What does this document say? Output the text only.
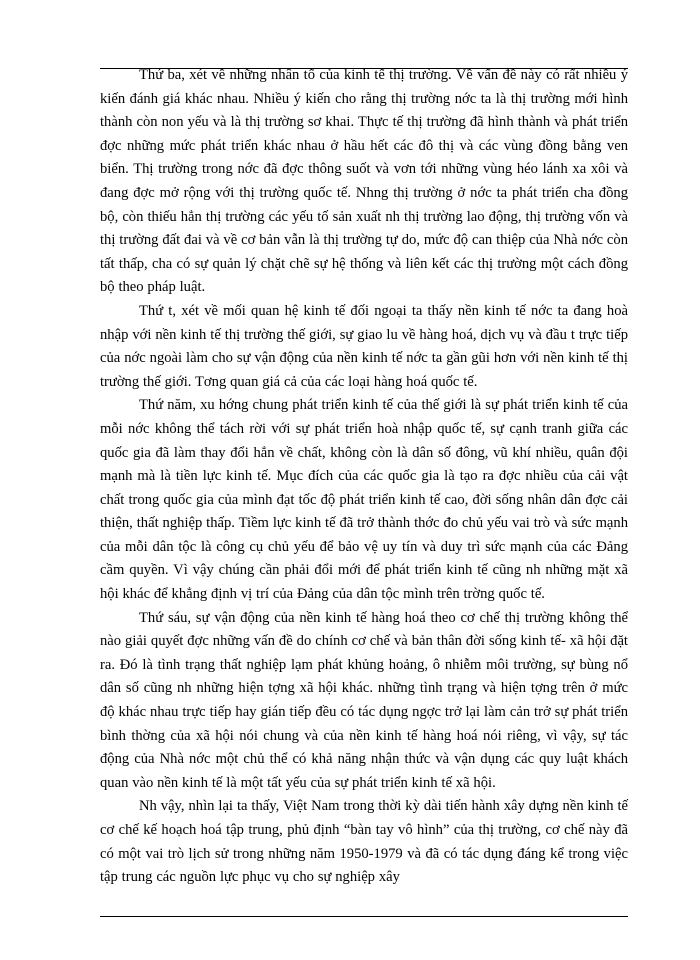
Thứ ba, xét về những nhân tố của kinh tế thị trường. Về vấn đề này có rất nhiều ý kiến đánh giá khác nhau. Nhiều ý kiến cho rằng thị trường nớc ta là thị trường mới hình thành còn non yếu và là thị trường sơ khai. Thực tế thị trường đã hình thành và phát triển đợc những mức phát triển khác nhau ở hầu hết các đô thị và các vùng đồng bằng ven biển. Thị trường trong nớc đã đợc thông suốt và vơn tới những vùng héo lánh xa xôi và đang đợc mở rộng với thị trường quốc tế. Nhng thị trường ở nớc ta phát triển cha đồng bộ, còn thiếu hẳn thị trường các yếu tố sản xuất nh thị trường lao động, thị trường vốn và thị trường đất đai và về cơ bản vẫn là thị trường tự do, mức độ can thiệp của Nhà nớc còn tất thấp, cha có sự quản lý chặt chẽ sự hệ thống và liên kết các thị trường một cách đồng bộ theo pháp luật.

Thứ t, xét về mối quan hệ kinh tế đối ngoại ta thấy nền kinh tế nớc ta đang hoà nhập với nền kinh tế thị trường thế giới, sự giao lu về hàng hoá, dịch vụ và đầu t trực tiếp của nớc ngoài làm cho sự vận động của nền kinh tế nớc ta gần gũi hơn với nền kinh tế thị trường thế giới. Tơng quan giá cả của các loại hàng hoá quốc tế.

Thứ năm, xu hớng chung phát triển kinh tế của thế giới là sự phát triển kinh tế của mỗi nớc không thể tách rời với sự phát triển hoà nhập quốc tế, sự cạnh tranh giữa các quốc gia đã làm thay đổi hẳn về chất, không còn là dân số đông, vũ khí nhiều, quân đội mạnh mà là tiền lực kinh tế. Mục đích của các quốc gia là tạo ra đợc nhiều của cải vật chất trong quốc gia của mình đạt tốc độ phát triển kinh tế cao, đời sống nhân dân đợc cải thiện, thất nghiệp thấp. Tiềm lực kinh tế đã trở thành thớc đo chủ yếu vai trò và sức mạnh của mỗi dân tộc là công cụ chủ yếu để bảo vệ uy tín và duy trì sức mạnh của các Đảng cầm quyền. Vì vậy chúng cần phải đổi mới để phát triển kinh tế cũng nh những mặt xã hội khác để khẳng định vị trí của Đảng của dân tộc mình trên trờng quốc tế.

Thứ sáu, sự vận động của nền kinh tế hàng hoá theo cơ chế thị trường không thể nào giải quyết đợc những vấn đề do chính cơ chế và bản thân đời sống kinh tế- xã hội đặt ra. Đó là tình trạng thất nghiệp lạm phát khủng hoảng, ô nhiễm môi trường, sự bùng nổ dân số cũng nh những hiện tợng xã hội khác. những tình trạng và hiện tợng trên ở mức độ khác nhau trực tiếp hay gián tiếp đều có tác dụng ngợc trở lại làm cản trở sự phát triển bình thờng của xã hội nói chung và của nền kinh tế hàng hoá nói riêng, vì vậy, sự tác động của Nhà nớc một chủ thể có khả năng nhận thức và vận dụng các quy luật khách quan vào nền kinh tế là một tất yếu của sự phát triển kinh tế xã hội.

Nh vậy, nhìn lại ta thấy, Việt Nam trong thời kỳ dài tiến hành xây dựng nền kinh tế cơ chế kế hoạch hoá tập trung, phủ định “bàn tay vô hình” của thị trường, cơ chế này đã có một vai trò lịch sử trong những năm 1950-1979 và đã có tác dụng đáng kể trong việc tập trung các nguồn lực phục vụ cho sự nghiệp xây
